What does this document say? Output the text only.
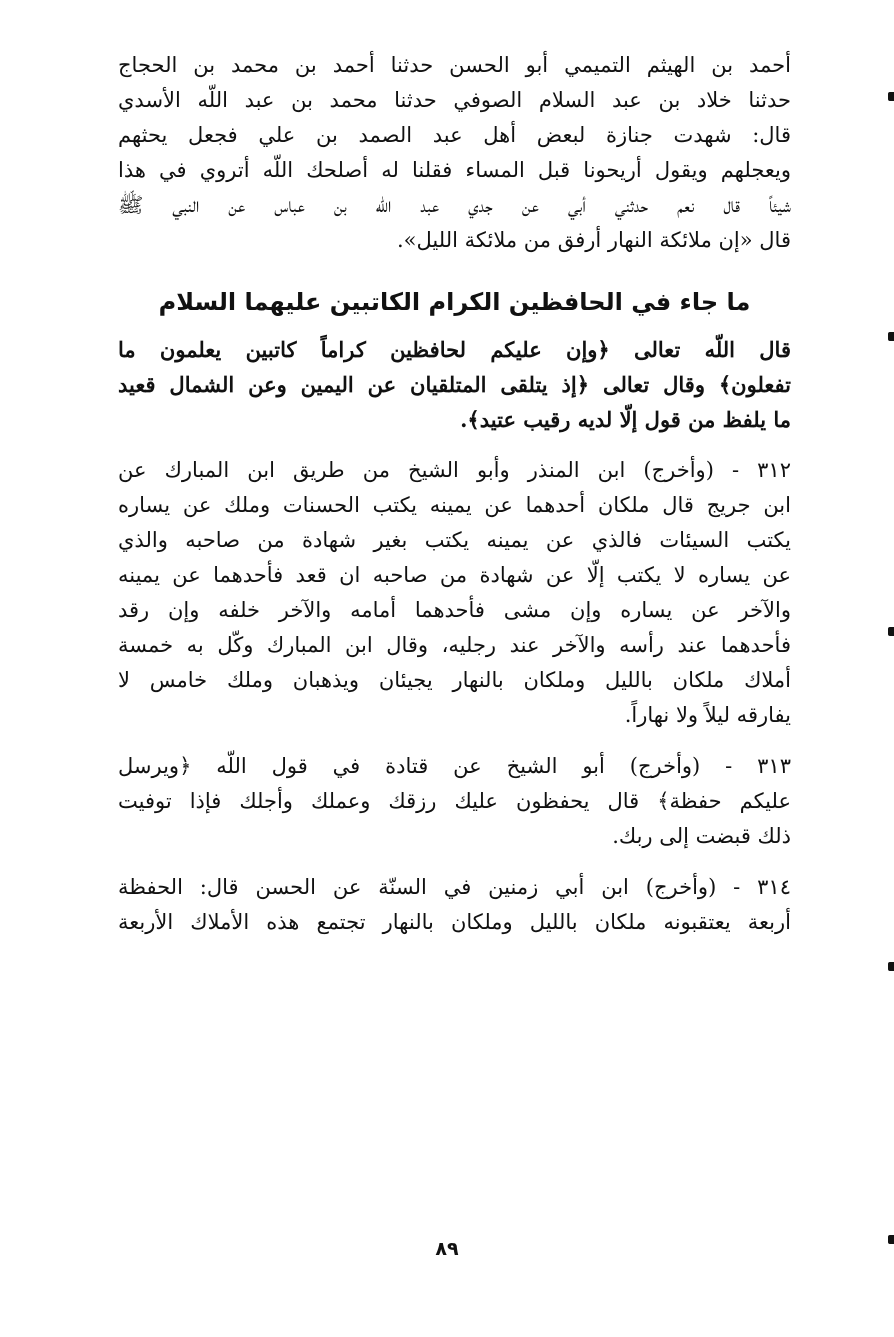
أحمد بن الهيثم التميمي أبو الحسن حدثنا أحمد بن محمد بن الحجاج
حدثنا خلاد بن عبد السلام الصوفي حدثنا محمد بن عبد اللّه الأسدي
قال: شهدت جنازة لبعض أهل عبد الصمد بن علي فجعل يحثهم
ويعجلهم ويقول أريحونا قبل المساء فقلنا له أصلحك اللّه أتروي في هذا
شيئاً قال نعم حدثني أبي عن جدي عبد اللّه بن عباس عن النبي ﷺ
قال «إن ملائكة النهار أرفق من ملائكة الليل».
ما جاء في الحافظين الكرام الكاتبين عليهما السلام
قال اللّه تعالى ﴿وإن عليكم لحافظين كراماً كاتبين يعلمون ما
تفعلون﴾ وقال تعالى ﴿إذ يتلقى المتلقيان عن اليمين وعن الشمال قعيد
ما يلفظ من قول إلّا لديه رقيب عتيد﴾.
٣١٢ - (وأخرج) ابن المنذر وأبو الشيخ من طريق ابن المبارك عن
ابن جريج قال ملكان أحدهما عن يمينه يكتب الحسنات وملك عن يساره
يكتب السيئات فالذي عن يمينه يكتب بغير شهادة من صاحبه والذي
عن يساره لا يكتب إلّا عن شهادة من صاحبه ان قعد فأحدهما عن يمينه
والآخر عن يساره وإن مشى فأحدهما أمامه والآخر خلفه وإن رقد
فأحدهما عند رأسه والآخر عند رجليه، وقال ابن المبارك وكّل به خمسة
أملاك ملكان بالليل وملكان بالنهار يجيئان ويذهبان وملك خامس لا
يفارقه ليلاً ولا نهاراً.
٣١٣ - (وأخرج) أبو الشيخ عن قتادة في قول اللّه ﴿ويرسل
عليكم حفظة﴾ قال يحفظون عليك رزقك وعملك وأجلك فإذا توفيت
ذلك قبضت إلى ربك.
٣١٤ - (وأخرج) ابن أبي زمنين في السنّة عن الحسن قال: الحفظة
أربعة يعتقبونه ملكان بالليل وملكان بالنهار تجتمع هذه الأملاك الأربعة
٨٩
